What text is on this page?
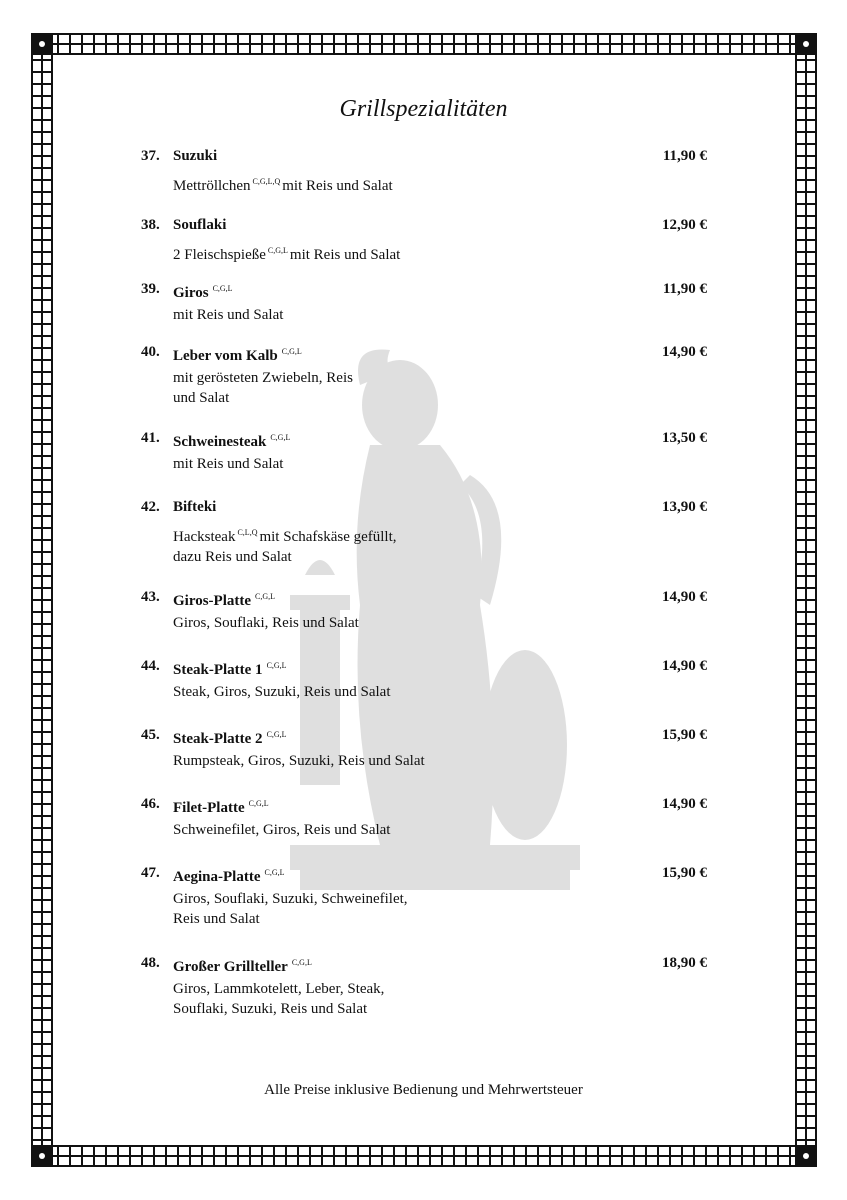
Grillspezialitäten
37. Suzuki	11,90 €
Mettröllchen $^{C,G,L,Q}$ mit Reis und Salat
38. Souflaki	12,90 €
2 Fleischspieße $^{C,G,L}$ mit Reis und Salat
39. Giros $^{C,G,L}$	11,90 €
mit Reis und Salat
40. Leber vom Kalb $^{C,G,L}$	14,90 €
mit gerösteten Zwiebeln, Reis
und Salat
41. Schweinesteak $^{C,G,L}$	13,50 €
mit Reis und Salat
42. Bifteki	13,90 €
Hacksteak $^{C,L,Q}$ mit Schafskäse gefüllt,
dazu Reis und Salat
43. Giros-Platte $^{C,G,L}$	14,90 €
Giros, Souflaki, Reis und Salat
44. Steak-Platte 1 $^{C,G,L}$	14,90 €
Steak, Giros, Suzuki, Reis und Salat
45. Steak-Platte 2 $^{C,G,L}$	15,90 €
Rumpsteak, Giros, Suzuki, Reis und Salat
46. Filet-Platte $^{C,G,L}$	14,90 €
Schweinefilet, Giros, Reis und Salat
47. Aegina-Platte $^{C,G,L}$	15,90 €
Giros, Souflaki, Suzuki, Schweinefilet,
Reis und Salat
48. Großer Grillteller $^{C,G,L}$	18,90 €
Giros, Lammkotelett, Leber, Steak,
Souflaki, Suzuki, Reis und Salat
Alle Preise inklusive Bedienung und Mehrwertsteuer
